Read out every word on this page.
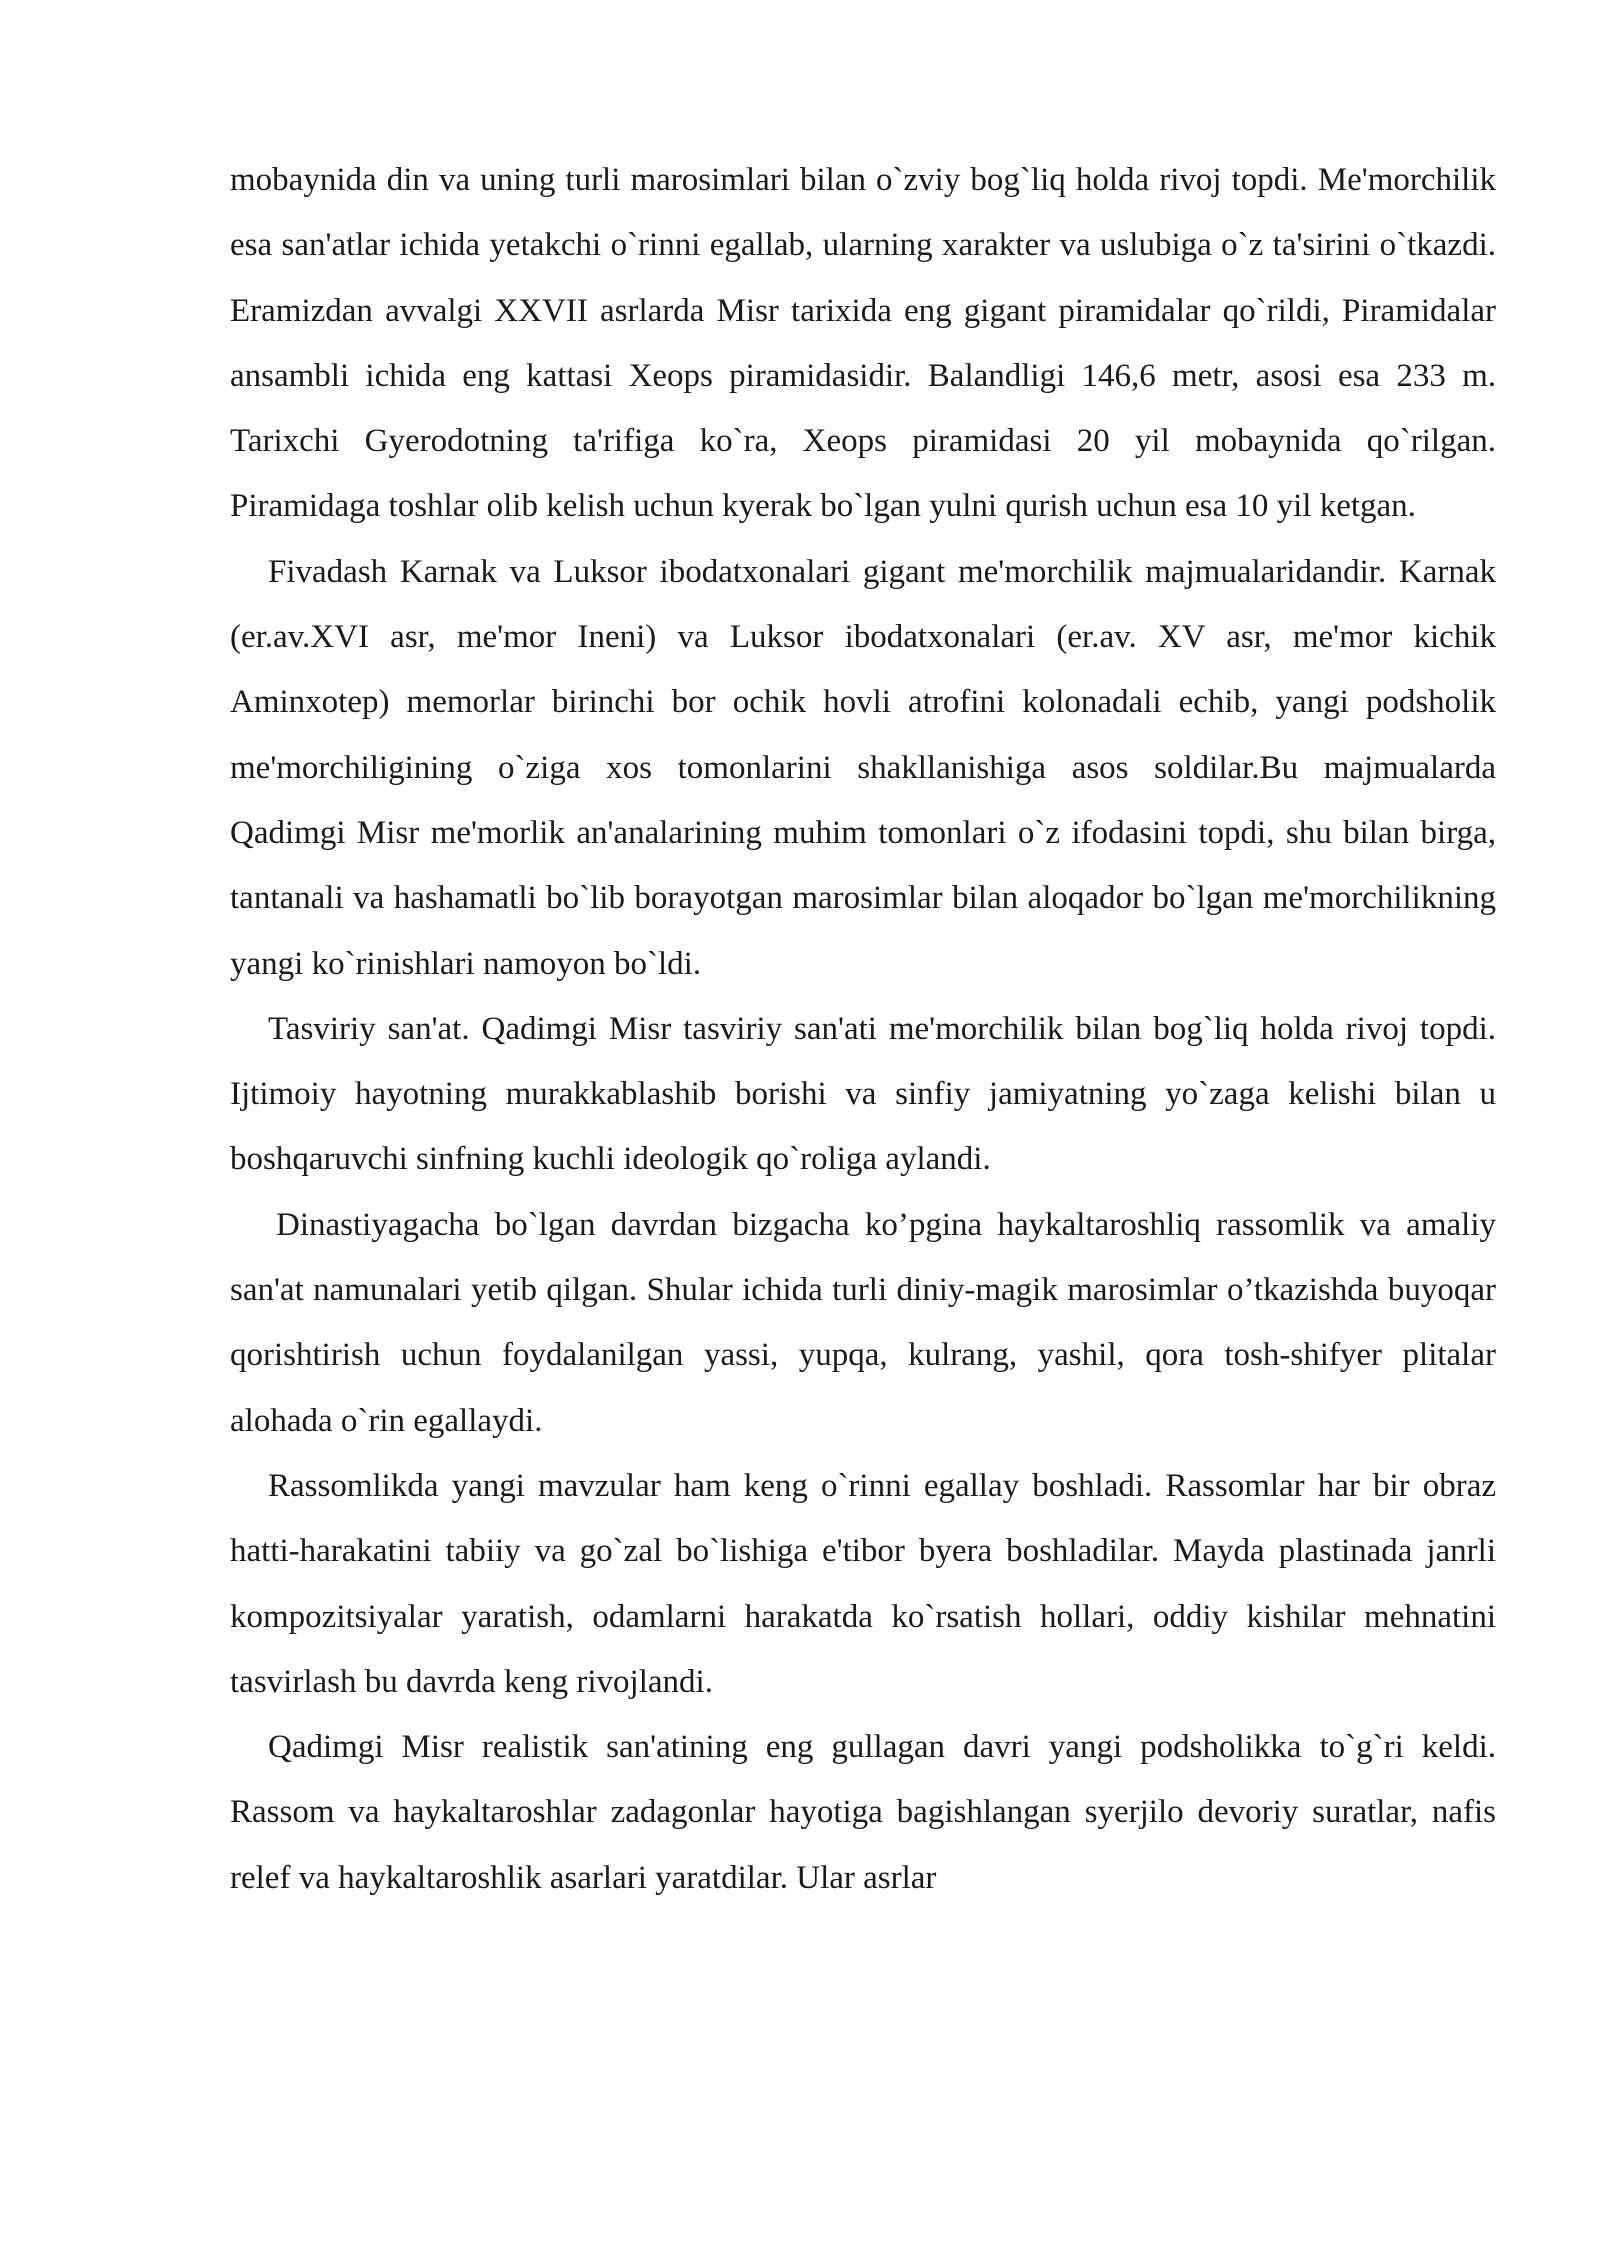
mobaynida din va uning turli marosimlari bilan o`zviy bog`liq holda rivoj topdi. Me'morchilik esa san'atlar ichida yetakchi o`rinni egallab, ularning xarakter va uslubiga o`z ta'sirini o`tkazdi. Eramizdan avvalgi XXVII asrlarda Misr tarixida eng gigant piramidalar qo`rildi, Piramidalar ansambli ichida eng kattasi Xeops piramidasidir. Balandligi 146,6 metr, asosi esa 233 m. Tarixchi Gyerodotning ta'rifiga ko`ra, Xeops piramidasi 20 yil mobaynida qo`rilgan. Piramidaga toshlar olib kelish uchun kyerak bo`lgan yulni qurish uchun esa 10 yil ketgan.

Fivadash Karnak va Luksor ibodatxonalari gigant me'morchilik majmualaridandir. Karnak (er.av.XVI asr, me'mor Ineni) va Luksor ibodatxonalari (er.av. XV asr, me'mor kichik Aminxotep) memorlar birinchi bor ochik hovli atrofini kolonadali echib, yangi podsholik me'morchiligining o`ziga xos tomonlarini shakllanishiga asos soldilar.Bu majmualarda Qadimgi Misr me'morlik an'analarining muhim tomonlari o`z ifodasini topdi, shu bilan birga, tantanali va hashamatli bo`lib borayotgan marosimlar bilan aloqador bo`lgan me'morchilikning yangi ko`rinishlari namoyon bo`ldi.

Tasviriy san'at. Qadimgi Misr tasviriy san'ati me'morchilik bilan bog`liq holda rivoj topdi. Ijtimoiy hayotning murakkablashib borishi va sinfiy jamiyatning yo`zaga kelishi bilan u boshqaruvchi sinfning kuchli ideologik qo`roliga aylandi.

Dinastiyagacha bo`lgan davrdan bizgacha ko’pgina haykaltaroshliq rassomlik va amaliy san'at namunalari yetib qilgan. Shular ichida turli diniy-magik marosimlar o’tkazishda buyoqar qorishtirish uchun foydalanilgan yassi, yupqa, kulrang, yashil, qora tosh-shifyer plitalar alohada o`rin egallaydi.

Rassomlikda yangi mavzular ham keng o`rinni egallay boshladi. Rassomlar har bir obraz hatti-harakatini tabiiy va go`zal bo`lishiga e'tibor byera boshladilar. Mayda plastinada janrli kompozitsiyalar yaratish, odamlarni harakatda ko`rsatish hollari, oddiy kishilar mehnatini tasvirlash bu davrda keng rivojlandi.

Qadimgi Misr realistik san'atining eng gullagan davri yangi podsholikka to`g`ri keldi. Rassom va haykaltaroshlar zadagonlar hayotiga bagishlangan syerjilo devoriy suratlar, nafis relef va haykaltaroshlik asarlari yaratdilar. Ular asrlar
